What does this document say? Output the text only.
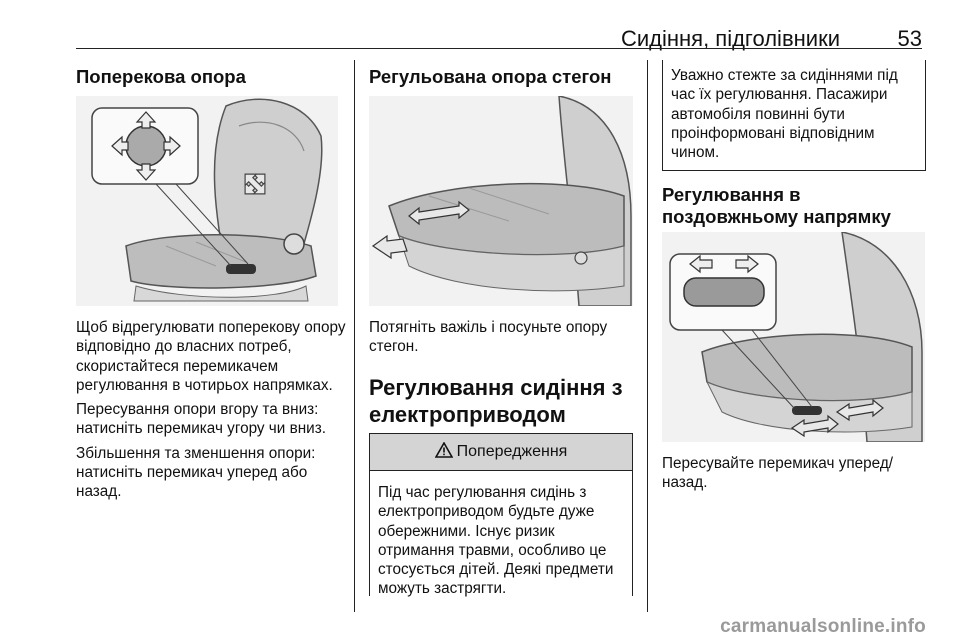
Сидіння, підголівники	53
Поперекова опора

Щоб відрегулювати поперекову опору відповідно до власних потреб, скористайтеся перемикачем регулювання в чотирьох напрямках.

Пересування опори вгору та вниз: натисніть перемикач угору чи вниз.

Збільшення та зменшення опори: натисніть перемикач уперед або назад.

Регульована опора стегон

Потягніть важіль і посуньте опору стегон.

Регулювання сидіння з електроприводом
Попередження

Під час регулювання сидінь з електроприводом будьте дуже обережними. Існує ризик отримання травми, особливо це стосується дітей. Деякі предмети можуть застрягти.

Уважно стежте за сидіннями під час їх регулювання. Пасажири автомобіля повинні бути проінформовані відповідним чином.

Регулювання в поздовжньому напрямку

Пересувайте перемикач уперед/ назад.

carmanualsonline.info
